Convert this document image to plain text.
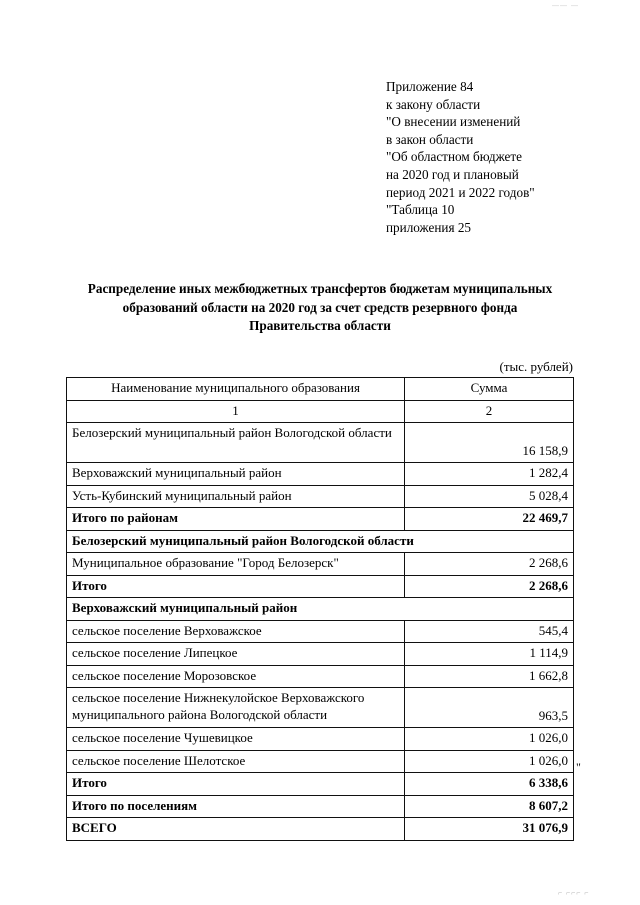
⸏⸏ ⸏
Приложение 84
к закону области
"О внесении изменений
в закон области
"Об областном бюджете
на 2020 год и плановый
период 2021 и 2022 годов"
"Таблица 10
приложения 25
Распределение иных межбюджетных трансфертов бюджетам муниципальных образований области на 2020 год за счет средств резервного фонда Правительства области
(тыс. рублей)
Наименование муниципального образования	Сумма
1	2
Белозерский муниципальный район Вологодской области	16 158,9
Верховажский муниципальный район	1 282,4
Усть-Кубинский муниципальный район	5 028,4
Итого по районам	22 469,7
Белозерский муниципальный район Вологодской области	
Муниципальное образование "Город Белозерск"	2 268,6
Итого	2 268,6
Верховажский муниципальный район	
сельское поселение Верховажское	545,4
сельское поселение Липецкое	1 114,9
сельское поселение Морозовское	1 662,8
сельское поселение Нижнекулойское Верховажского муниципального района Вологодской области	963,5
сельское поселение Чушевицкое	1 026,0
сельское поселение Шелотское	1 026,0
Итого	6 338,6
Итого по поселениям	8 607,2
ВСЕГО	31 076,9
"
⌐ ⌐⌐⌐ ⌐
